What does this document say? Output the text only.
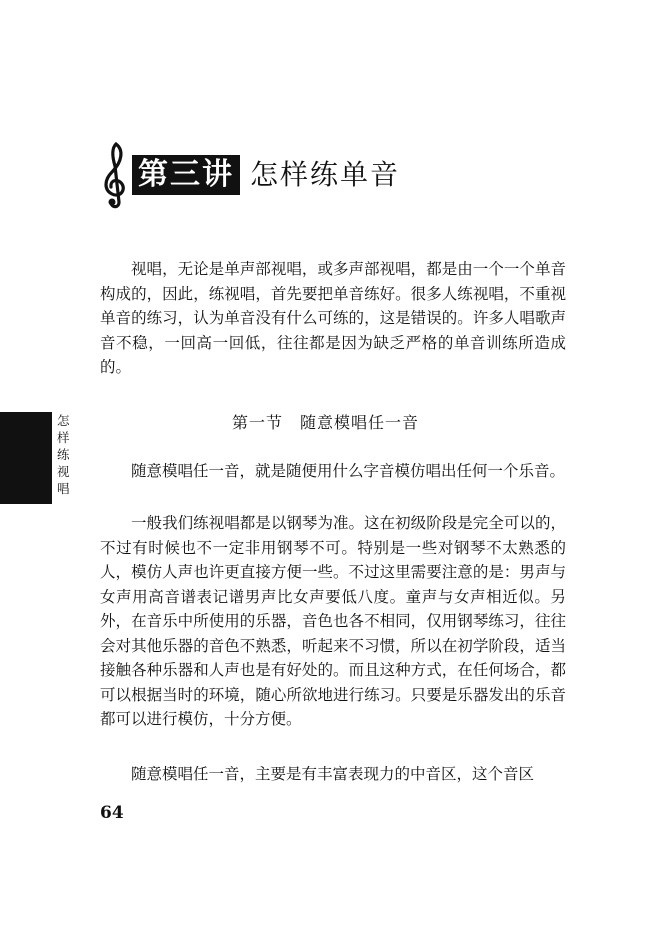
第三讲 怎样练单音

视唱，无论是单声部视唱，或多声部视唱，都是由一个一个单音构成的，因此，练视唱，首先要把单音练好。很多人练视唱，不重视单音的练习，认为单音没有什么可练的，这是错误的。许多人唱歌声音不稳，一回高一回低，往往都是因为缺乏严格的单音训练所造成的。

第一节　随意模唱任一音
怎样练视唱

随意模唱任一音，就是随便用什么字音模仿唱出任何一个乐音。

一般我们练视唱都是以钢琴为准。这在初级阶段是完全可以的，不过有时候也不一定非用钢琴不可。特别是一些对钢琴不太熟悉的人，模仿人声也许更直接方便一些。不过这里需要注意的是：男声与女声用高音谱表记谱男声比女声要低八度。童声与女声相近似。另外，在音乐中所使用的乐器，音色也各不相同，仅用钢琴练习，往往会对其他乐器的音色不熟悉，听起来不习惯，所以在初学阶段，适当接触各种乐器和人声也是有好处的。而且这种方式，在任何场合，都可以根据当时的环境，随心所欲地进行练习。只要是乐器发出的乐音都可以进行模仿，十分方便。

随意模唱任一音，主要是有丰富表现力的中音区，这个音区

64
